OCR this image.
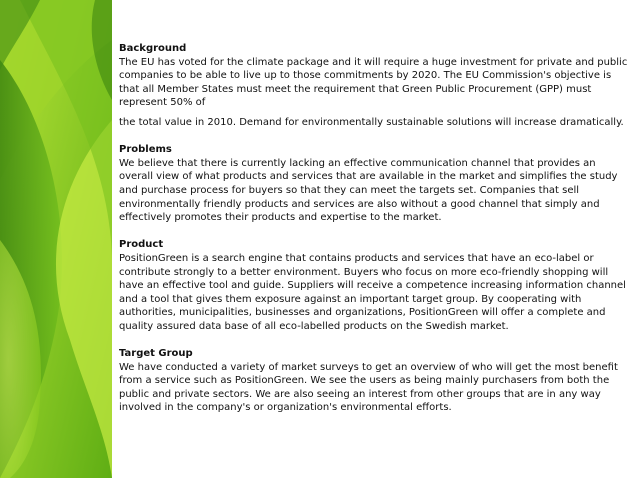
Background
The EU has voted for the climate package and it will require a huge investment for private and public companies to be able to live up to those commitments by 2020. The EU Commission's objective is that all Member States must meet the requirement that Green Public Procurement (GPP) must represent 50% of
the total value in 2010. Demand for environmentally sustainable solutions will increase dramatically.
Problems
We believe that there is currently lacking an effective communication channel that provides an overall view of what products and services that are available in the market and simplifies the study and purchase process for buyers so that they can meet the targets set. Companies that sell environmentally friendly products and services are also without a good channel that simply and effectively promotes their products and expertise to the market.
Product
PositionGreen is a search engine that contains products and services that have an eco-label or contribute strongly to a better environment. Buyers who focus on more eco-friendly shopping will have an effective tool and guide. Suppliers will receive a competence increasing information channel and a tool that gives them exposure against an important target group. By cooperating with authorities, municipalities, businesses and organizations, PositionGreen will offer a complete and quality assured data base of all eco-labelled products on the Swedish market.
Target Group
We have conducted a variety of market surveys to get an overview of who will get the most benefit from a service such as PositionGreen. We see the users as being mainly purchasers from both the public and private sectors. We are also seeing an interest from other groups that are in any way involved in the company's or organization's environmental efforts.
